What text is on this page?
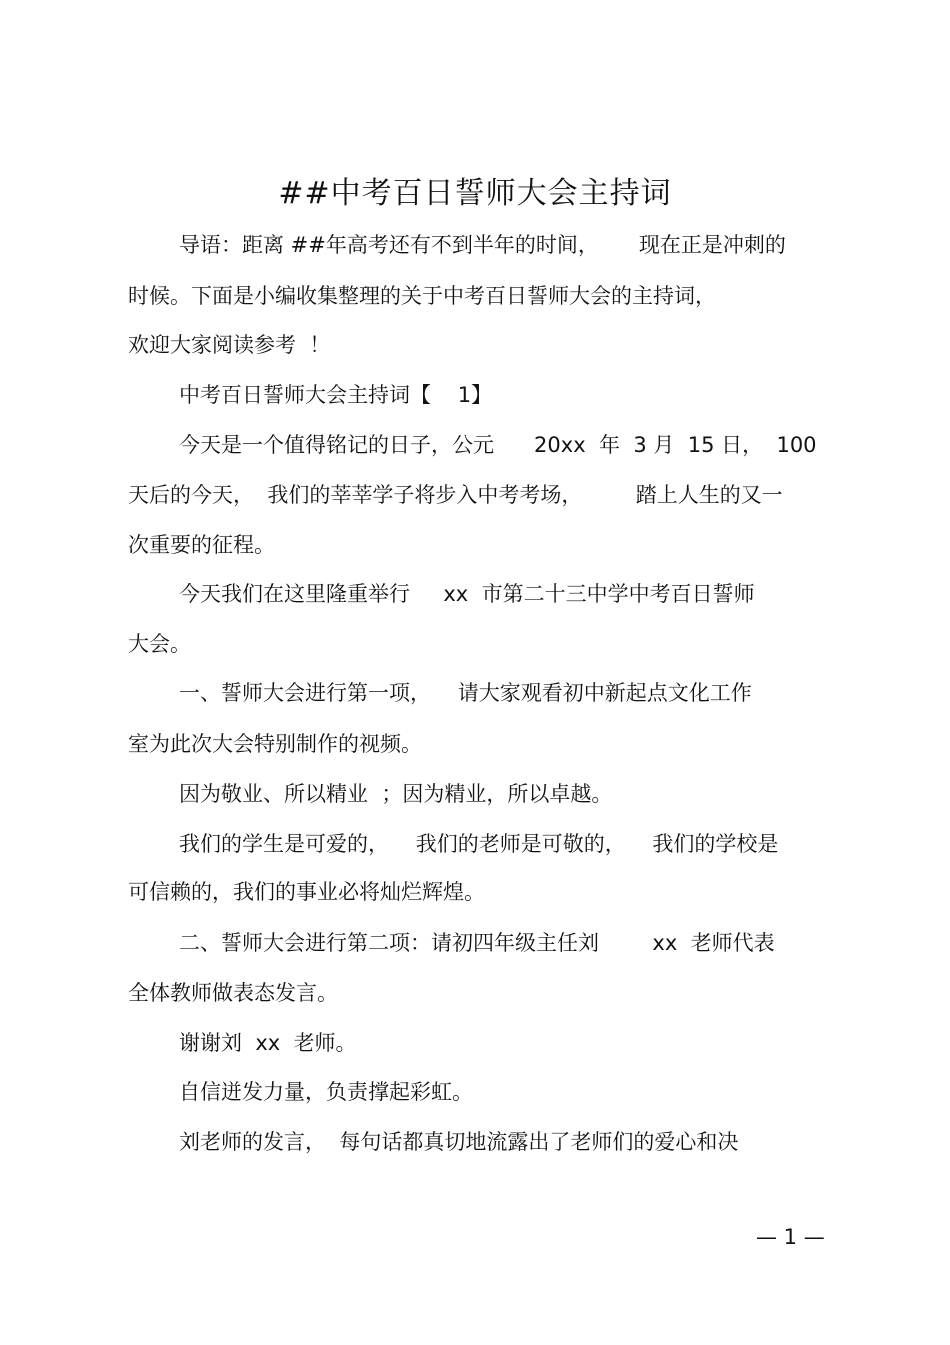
##中考百日誓师大会主持词
导语：距离 ##年高考还有不到半年的时间，      现在正是冲刺的
时候。下面是小编收集整理的关于中考百日誓师大会的主持词，
欢迎大家阅读参考  ！
中考百日誓师大会主持词【    1】
今天是一个值得铭记的日子，公元      20xx  年  3 月  15 日，  100
天后的今天，  我们的莘莘学子将步入中考考场，        踏上人生的又一
次重要的征程。
今天我们在这里隆重举行     xx  市第二十三中学中考百日誓师
大会。
一、誓师大会进行第一项，    请大家观看初中新起点文化工作
室为此次大会特别制作的视频。
因为敬业、所以精业  ；因为精业，所以卓越。
我们的学生是可爱的，    我们的老师是可敬的，    我们的学校是
可信赖的，我们的事业必将灿烂辉煌。
二、誓师大会进行第二项：请初四年级主任刘        xx  老师代表
全体教师做表态发言。
谢谢刘  xx  老师。
自信迸发力量，负责撑起彩虹。
刘老师的发言，  每句话都真切地流露出了老师们的爱心和决
— 1 —
